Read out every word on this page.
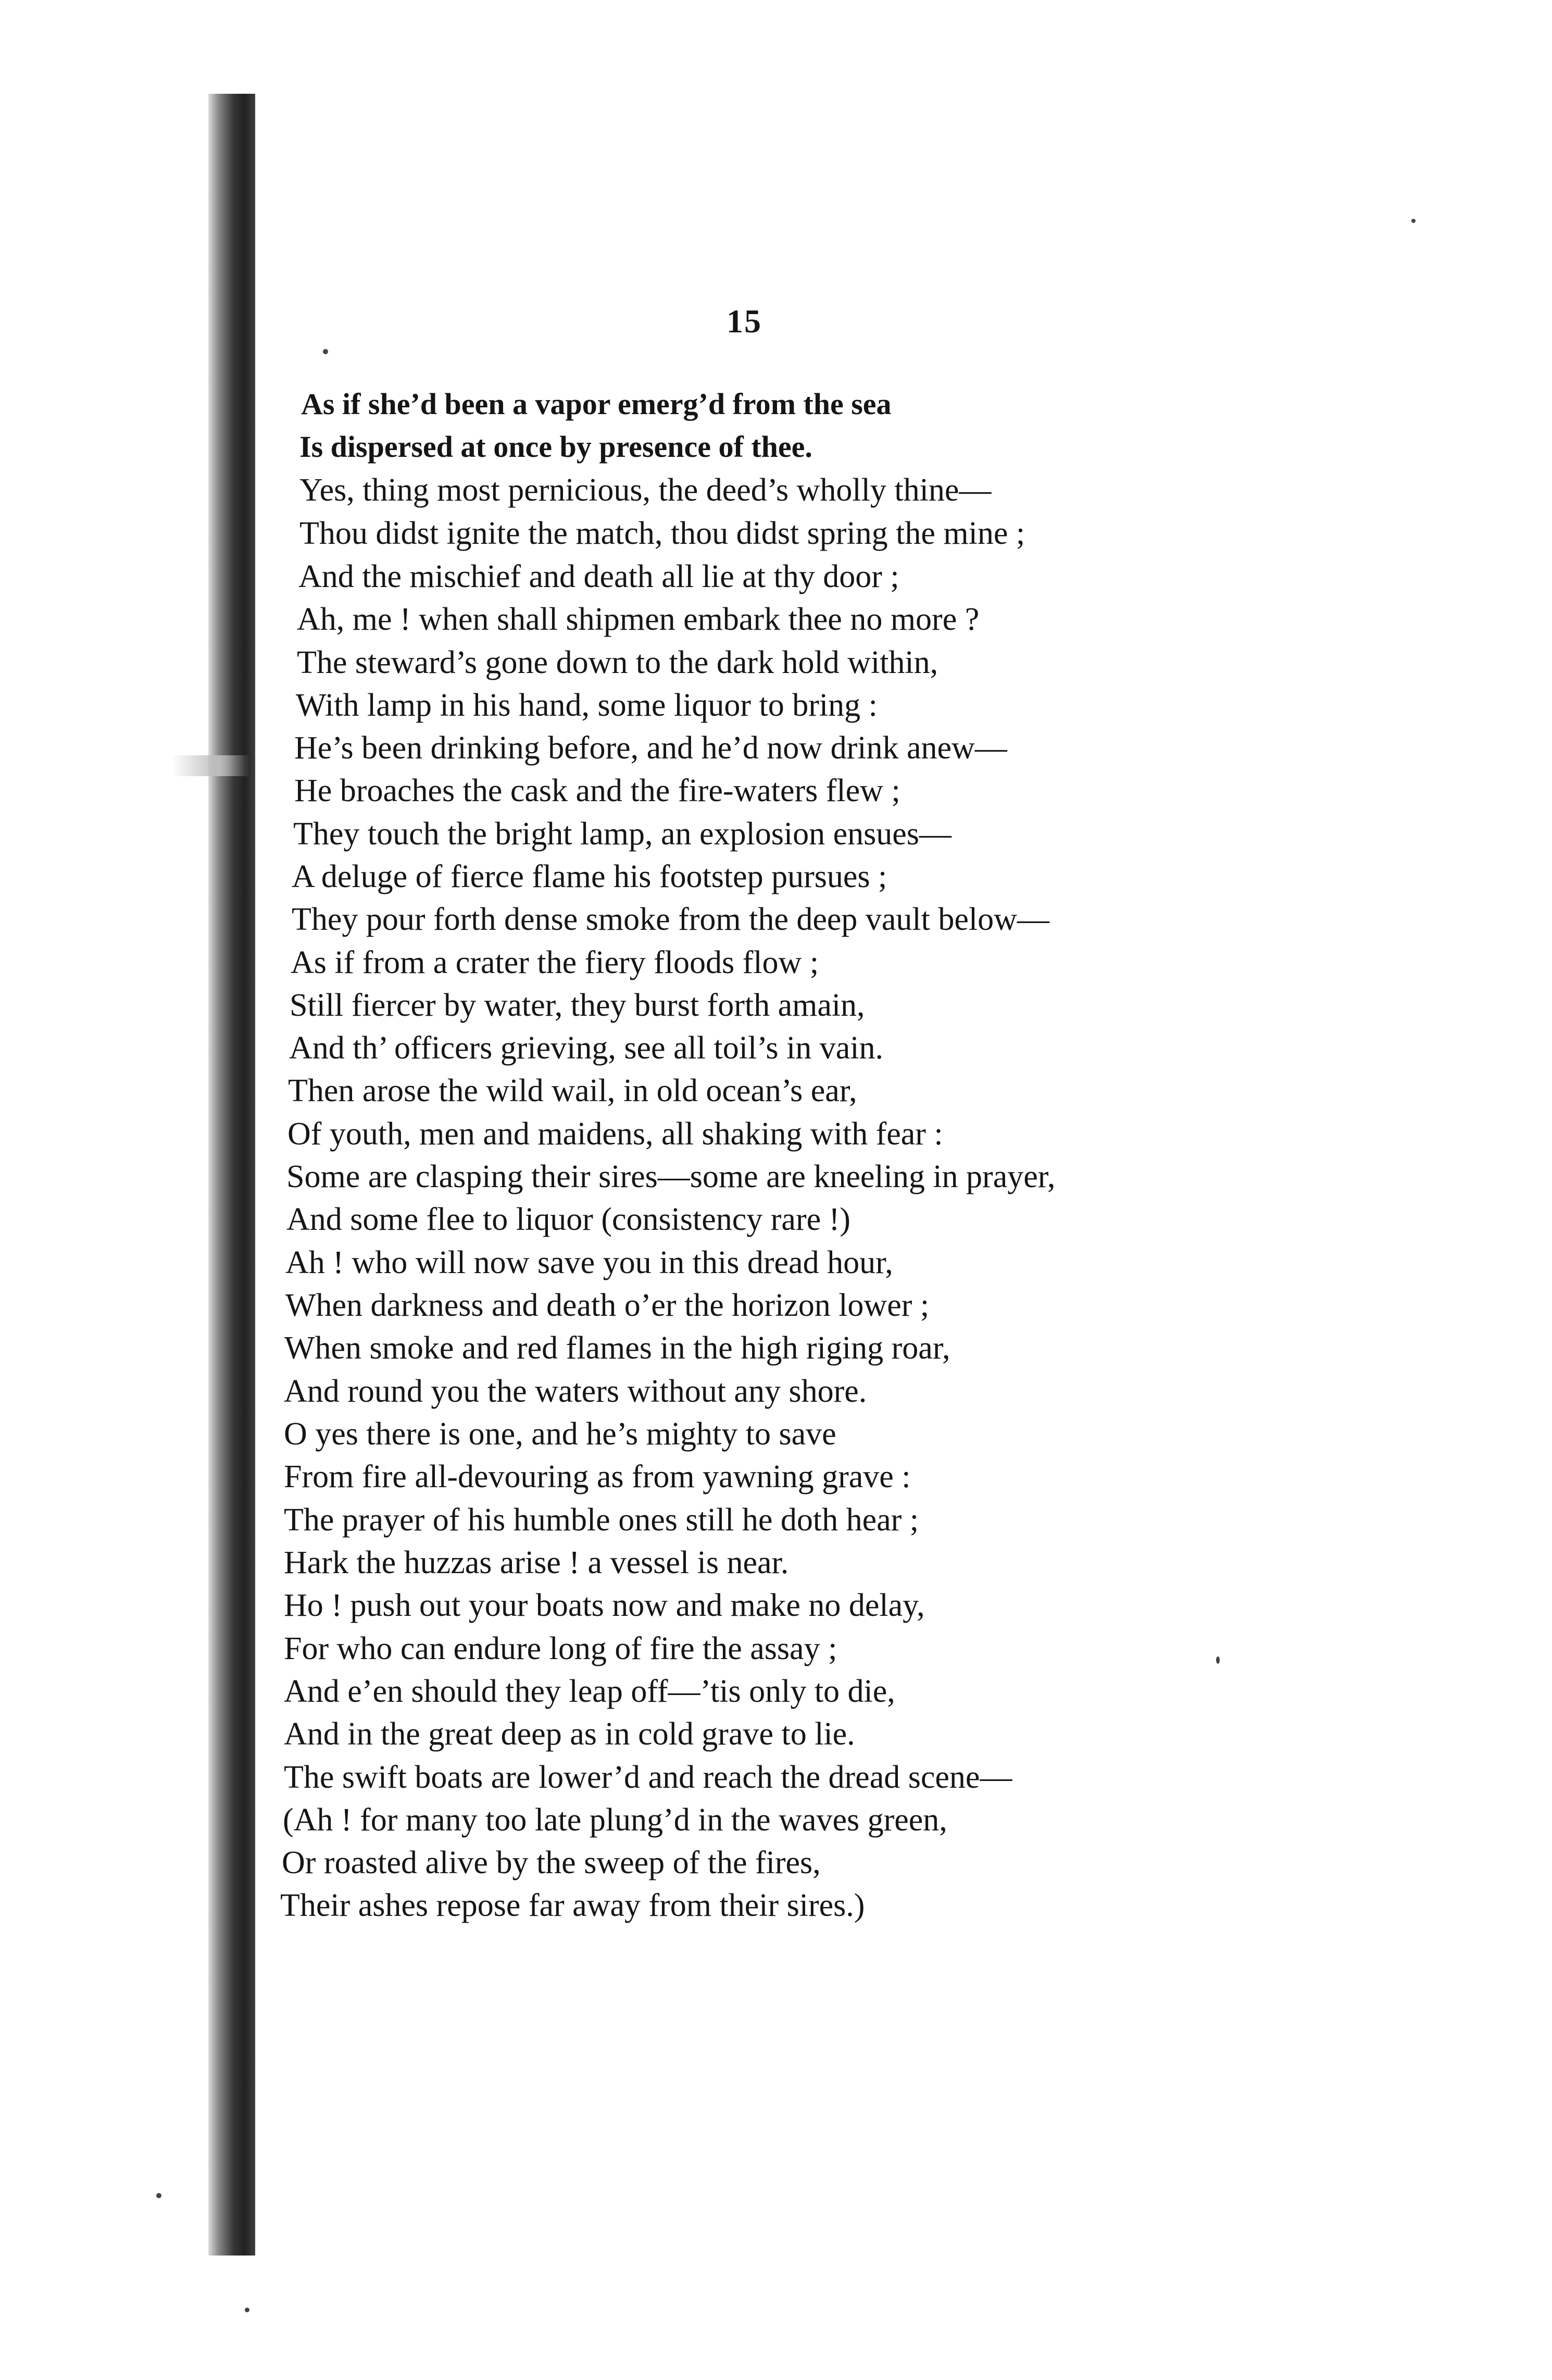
15
As if she’d been a vapor emerg’d from the sea
Is dispersed at once by presence of thee.
Yes, thing most pernicious, the deed’s wholly thine—
Thou didst ignite the match, thou didst spring the mine ;
And the mischief and death all lie at thy door ;
Ah, me ! when shall shipmen embark thee no more ?
The steward’s gone down to the dark hold within,
With lamp in his hand, some liquor to bring :
He’s been drinking before, and he’d now drink anew—
He broaches the cask and the fire-waters flew ;
They touch the bright lamp, an explosion ensues—
A deluge of fierce flame his footstep pursues ;
They pour forth dense smoke from the deep vault below—
As if from a crater the fiery floods flow ;
Still fiercer by water, they burst forth amain,
And th’ officers grieving, see all toil’s in vain.
Then arose the wild wail, in old ocean’s ear,
Of youth, men and maidens, all shaking with fear :
Some are clasping their sires—some are kneeling in prayer,
And some flee to liquor (consistency rare !)
Ah ! who will now save you in this dread hour,
When darkness and death o’er the horizon lower ;
When smoke and red flames in the high riging roar,
And round you the waters without any shore.
O yes there is one, and he’s mighty to save
From fire all-devouring as from yawning grave :
The prayer of his humble ones still he doth hear ;
Hark the huzzas arise ! a vessel is near.
Ho ! push out your boats now and make no delay,
For who can endure long of fire the assay ;
And e’en should they leap off—’tis only to die,
And in the great deep as in cold grave to lie.
The swift boats are lower’d and reach the dread scene—
(Ah ! for many too late plung’d in the waves green,
Or roasted alive by the sweep of the fires,
Their ashes repose far away from their sires.)
